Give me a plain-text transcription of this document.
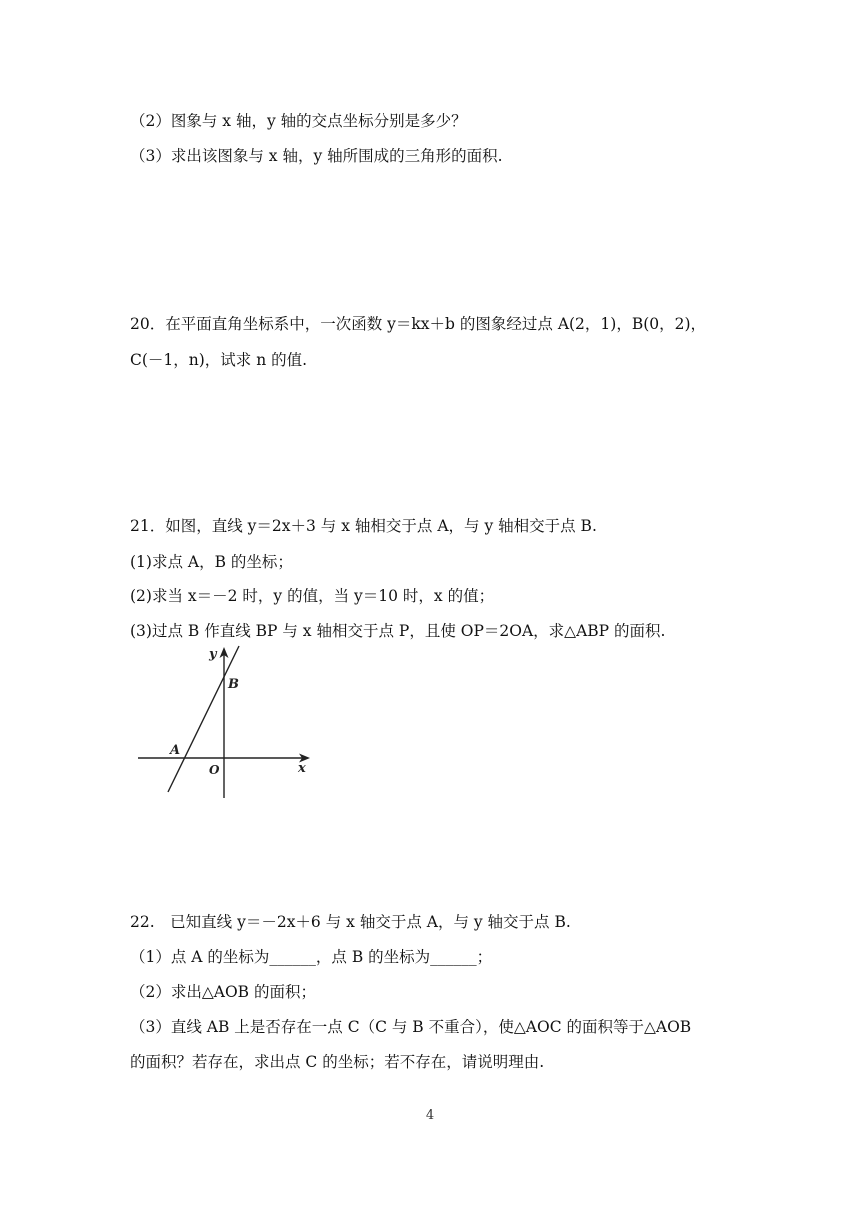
（2）图象与 x 轴，y 轴的交点坐标分别是多少？
（3）求出该图象与 x 轴，y 轴所围成的三角形的面积.
20．在平面直角坐标系中，一次函数 y＝kx＋b 的图象经过点 A(2，1)，B(0，2)，
C(－1，n)，试求 n 的值.
21．如图，直线 y＝2x＋3 与 x 轴相交于点 A，与 y 轴相交于点 B.
(1)求点 A，B 的坐标；
(2)求当 x＝－2 时，y 的值，当 y＝10 时，x 的值；
(3)过点 B 作直线 BP 与 x 轴相交于点 P，且使 OP＝2OA，求△ABP 的面积.
y
x
O
A
B
22.　已知直线 y＝－2x＋6 与 x 轴交于点 A，与 y 轴交于点 B.
（1）点 A 的坐标为______，点 B 的坐标为______；
（2）求出△AOB 的面积；
（3）直线 AB 上是否存在一点 C（C 与 B 不重合），使△AOC 的面积等于△AOB
的面积？若存在，求出点 C 的坐标；若不存在，请说明理由.
4
